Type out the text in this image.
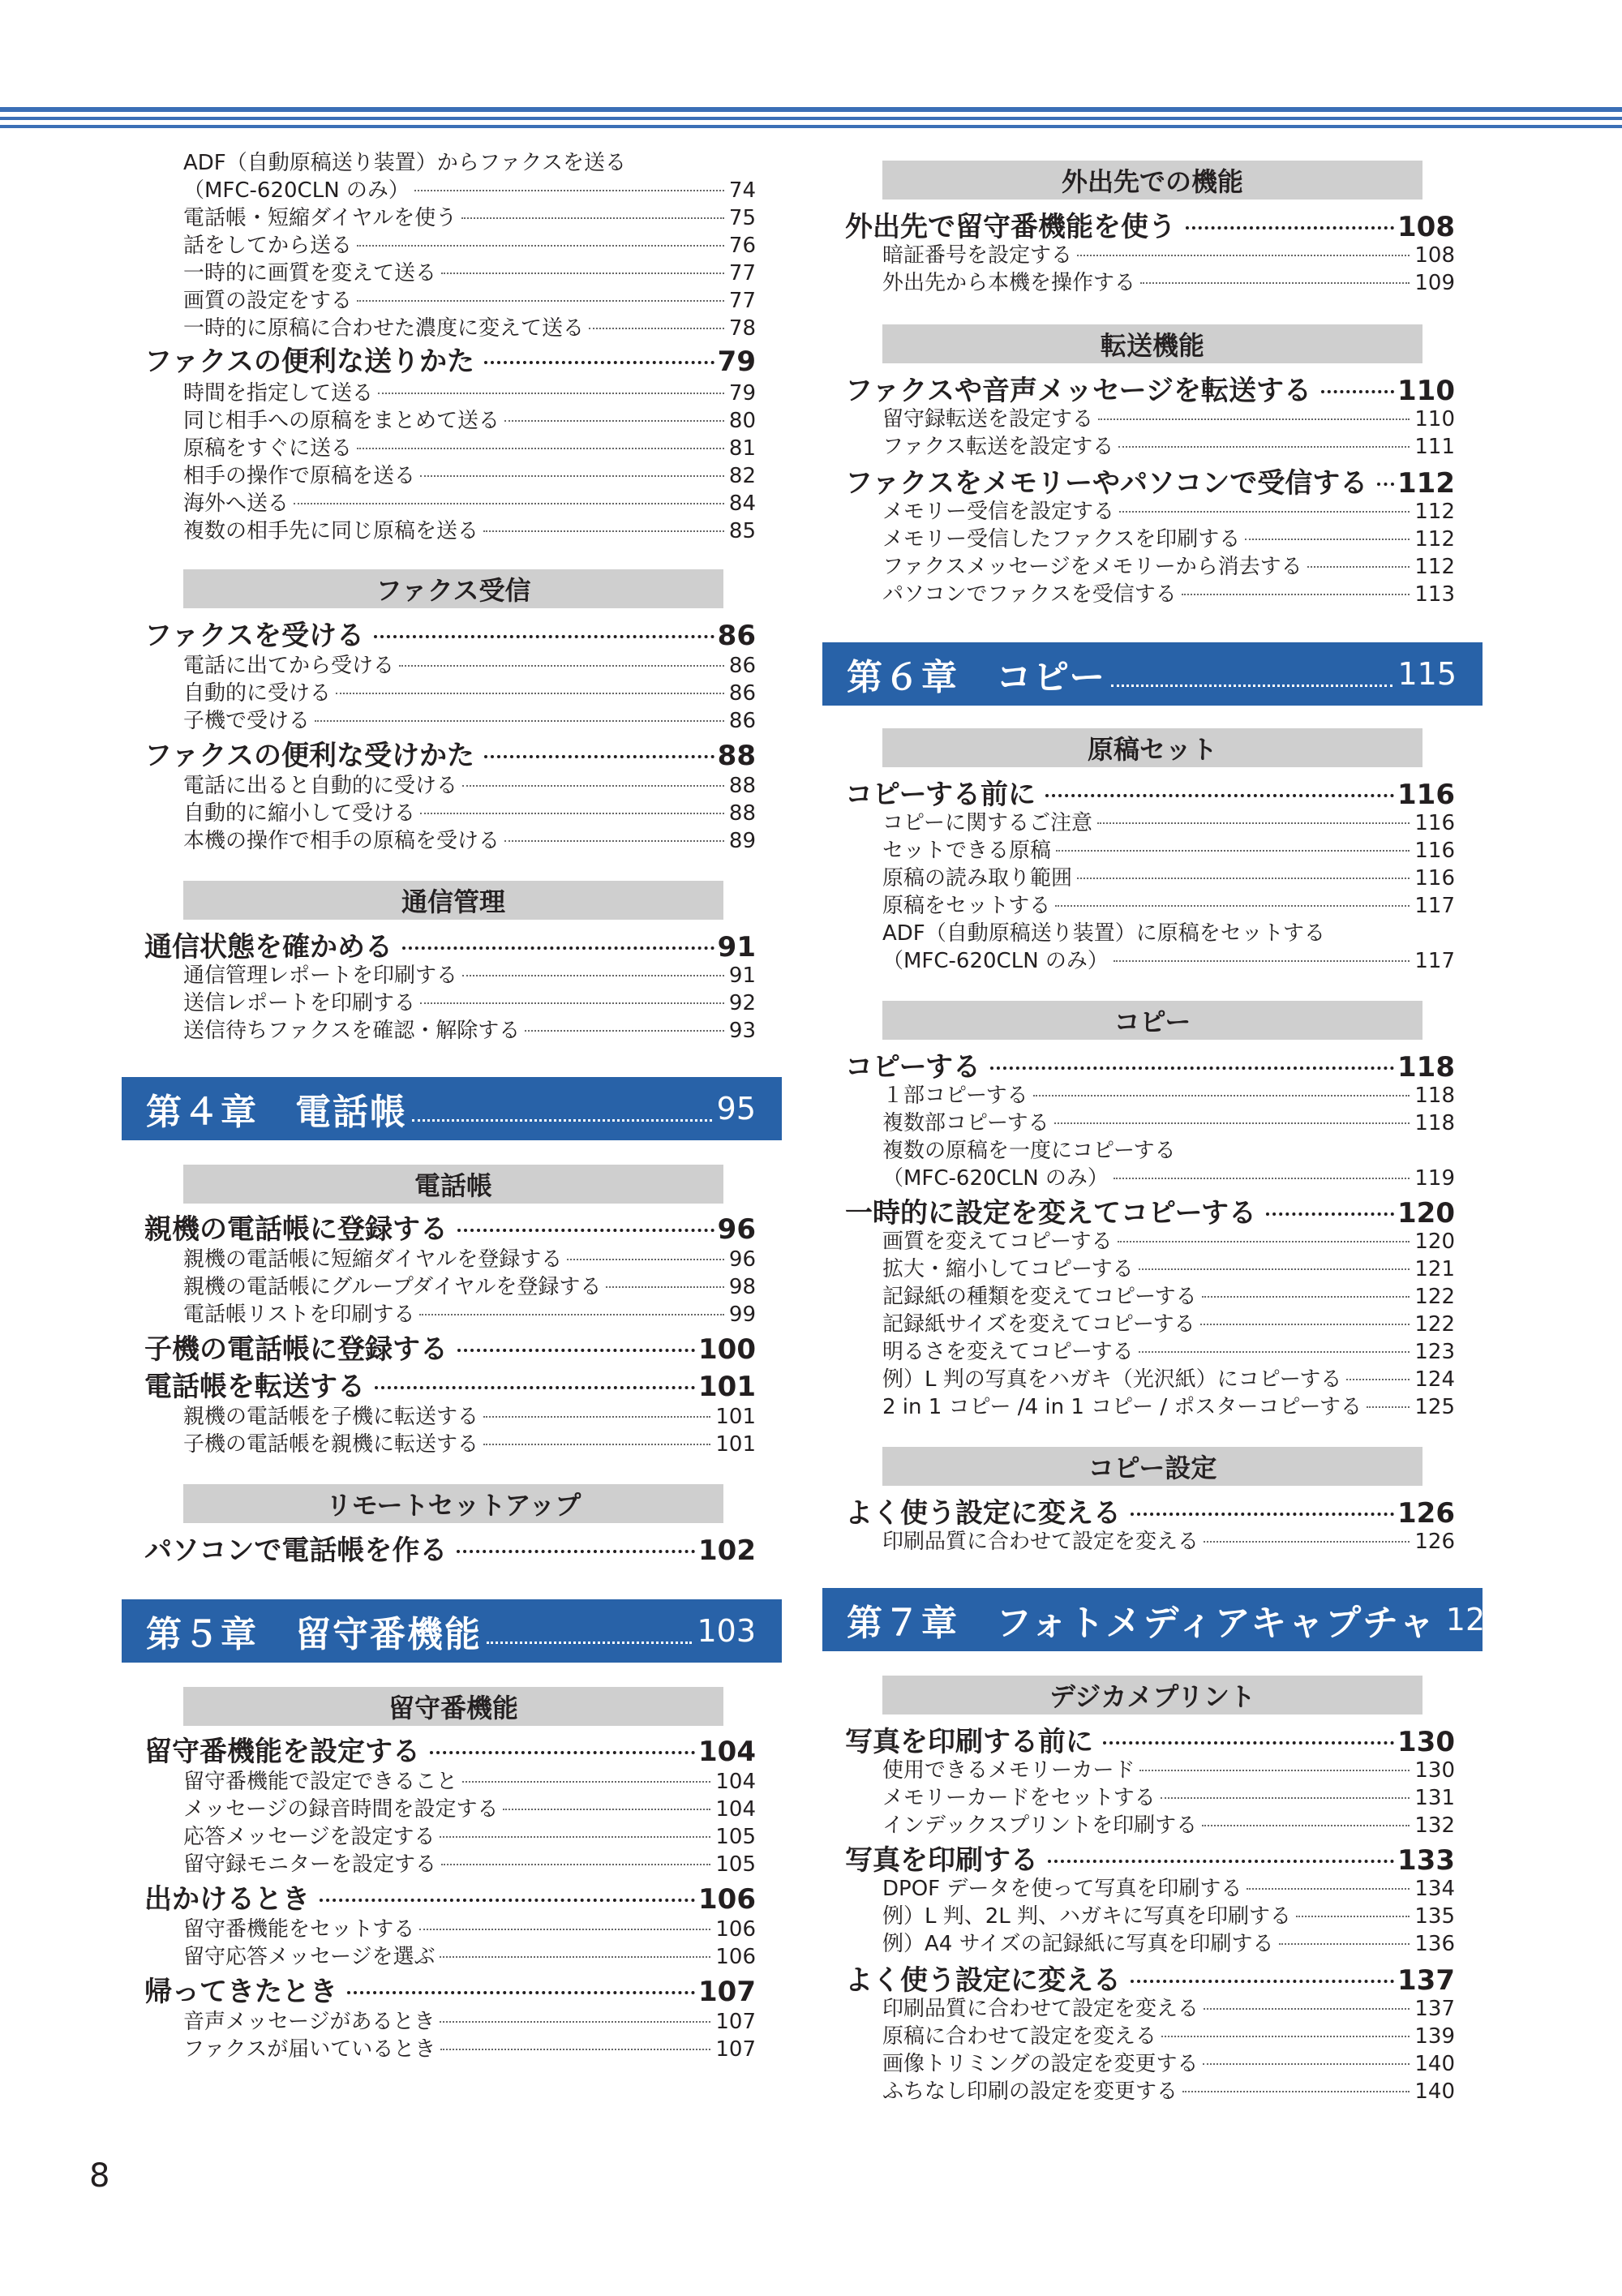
ADF（自動原稿送り装置）からファクスを送る
（MFC-620CLN のみ）	74
電話帳・短縮ダイヤルを使う	75
話をしてから送る	76
一時的に画質を変えて送る	77
画質の設定をする	77
一時的に原稿に合わせた濃度に変えて送る	78
ファクスの便利な送りかた	79
時間を指定して送る	79
同じ相手への原稿をまとめて送る	80
原稿をすぐに送る	81
相手の操作で原稿を送る	82
海外へ送る	84
複数の相手先に同じ原稿を送る	85
ファクス受信
ファクスを受ける	86
電話に出てから受ける	86
自動的に受ける	86
子機で受ける	86
ファクスの便利な受けかた	88
電話に出ると自動的に受ける	88
自動的に縮小して受ける	88
本機の操作で相手の原稿を受ける	89
通信管理
通信状態を確かめる	91
通信管理レポートを印刷する	91
送信レポートを印刷する	92
送信待ちファクスを確認・解除する	93
第４章　電話帳	95
電話帳
親機の電話帳に登録する	96
親機の電話帳に短縮ダイヤルを登録する	96
親機の電話帳にグループダイヤルを登録する	98
電話帳リストを印刷する	99
子機の電話帳に登録する	100
電話帳を転送する	101
親機の電話帳を子機に転送する	101
子機の電話帳を親機に転送する	101
リモートセットアップ
パソコンで電話帳を作る	102
第５章　留守番機能	103
留守番機能
留守番機能を設定する	104
留守番機能で設定できること	104
メッセージの録音時間を設定する	104
応答メッセージを設定する	105
留守録モニターを設定する	105
出かけるとき	106
留守番機能をセットする	106
留守応答メッセージを選ぶ	106
帰ってきたとき	107
音声メッセージがあるとき	107
ファクスが届いているとき	107
外出先での機能
外出先で留守番機能を使う	108
暗証番号を設定する	108
外出先から本機を操作する	109
転送機能
ファクスや音声メッセージを転送する	110
留守録転送を設定する	110
ファクス転送を設定する	111
ファクスをメモリーやパソコンで受信する 112
メモリー受信を設定する	112
メモリー受信したファクスを印刷する	112
ファクスメッセージをメモリーから消去する	112
パソコンでファクスを受信する	113
第６章　コピー	115
原稿セット
コピーする前に	116
コピーに関するご注意	116
セットできる原稿	116
原稿の読み取り範囲	116
原稿をセットする	117
ADF（自動原稿送り装置）に原稿をセットする
（MFC-620CLN のみ）	117
コピー
コピーする	118
１部コピーする	118
複数部コピーする	118
複数の原稿を一度にコピーする
（MFC-620CLN のみ）	119
一時的に設定を変えてコピーする	120
画質を変えてコピーする	120
拡大・縮小してコピーする	121
記録紙の種類を変えてコピーする	122
記録紙サイズを変えてコピーする	122
明るさを変えてコピーする	123
例）L 判の写真をハガキ（光沢紙）にコピーする	124
2 in 1 コピー /4 in 1 コピー / ポスターコピーする	125
コピー設定
よく使う設定に変える	126
印刷品質に合わせて設定を変える	126
第７章　フォトメディアキャプチャ 129
デジカメプリント
写真を印刷する前に	130
使用できるメモリーカード	130
メモリーカードをセットする	131
インデックスプリントを印刷する	132
写真を印刷する	133
DPOF データを使って写真を印刷する	134
例）L 判、2L 判、ハガキに写真を印刷する	135
例）A4 サイズの記録紙に写真を印刷する	136
よく使う設定に変える	137
印刷品質に合わせて設定を変える	137
原稿に合わせて設定を変える	139
画像トリミングの設定を変更する	140
ふちなし印刷の設定を変更する	140
8
